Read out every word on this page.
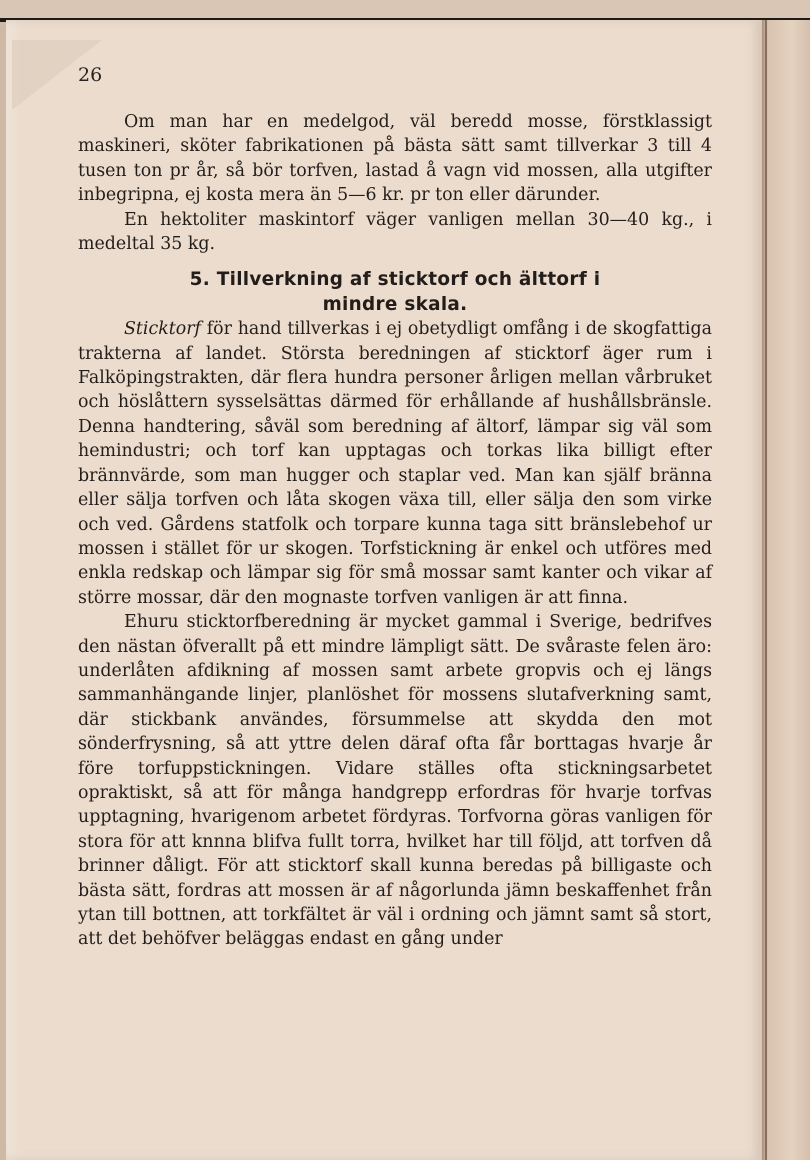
26

Om man har en medelgod, väl beredd mosse, förstklassigt maskineri, sköter fabrikationen på bästa sätt samt tillverkar 3 till 4 tusen ton pr år, så bör torfven, lastad å vagn vid mossen, alla utgifter inbegripna, ej kosta mera än 5—6 kr. pr ton eller därunder.

En hektoliter maskintorf väger vanligen mellan 30—40 kg., i medeltal 35 kg.

5. Tillverkning af sticktorf och älttorf i
mindre skala.

Sticktorf för hand tillverkas i ej obetydligt omfång i de skogfattiga trakterna af landet. Största beredningen af sticktorf äger rum i Falköpingstrakten, där flera hundra personer årligen mellan vårbruket och höslåttern sysselsättas därmed för erhållande af hushållsbränsle. Denna handtering, såväl som beredning af ältorf, lämpar sig väl som hemindustri; och torf kan upptagas och torkas lika billigt efter brännvärde, som man hugger och staplar ved. Man kan själf bränna eller sälja torfven och låta skogen växa till, eller sälja den som virke och ved. Gårdens statfolk och torpare kunna taga sitt bränslebehof ur mossen i stället för ur skogen. Torfstickning är enkel och utföres med enkla redskap och lämpar sig för små mossar samt kanter och vikar af större mossar, där den mognaste torfven vanligen är att finna.

Ehuru sticktorfberedning är mycket gammal i Sverige, bedrifves den nästan öfverallt på ett mindre lämpligt sätt. De svåraste felen äro: underlåten afdikning af mossen samt arbete gropvis och ej längs sammanhängande linjer, planlöshet för mossens slutafverkning samt, där stickbank användes, försummelse att skydda den mot sönderfrysning, så att yttre delen däraf ofta får borttagas hvarje år före torfuppstickningen. Vidare ställes ofta stickningsarbetet opraktiskt, så att för många handgrepp erfordras för hvarje torfvas upptagning, hvarigenom arbetet fördyras. Torfvorna göras vanligen för stora för att knnna blifva fullt torra, hvilket har till följd, att torfven då brinner dåligt. För att sticktorf skall kunna beredas på billigaste och bästa sätt, fordras att mossen är af någorlunda jämn beskaffenhet från ytan till bottnen, att torkfältet är väl i ordning och jämnt samt så stort, att det behöfver beläggas endast en gång under
